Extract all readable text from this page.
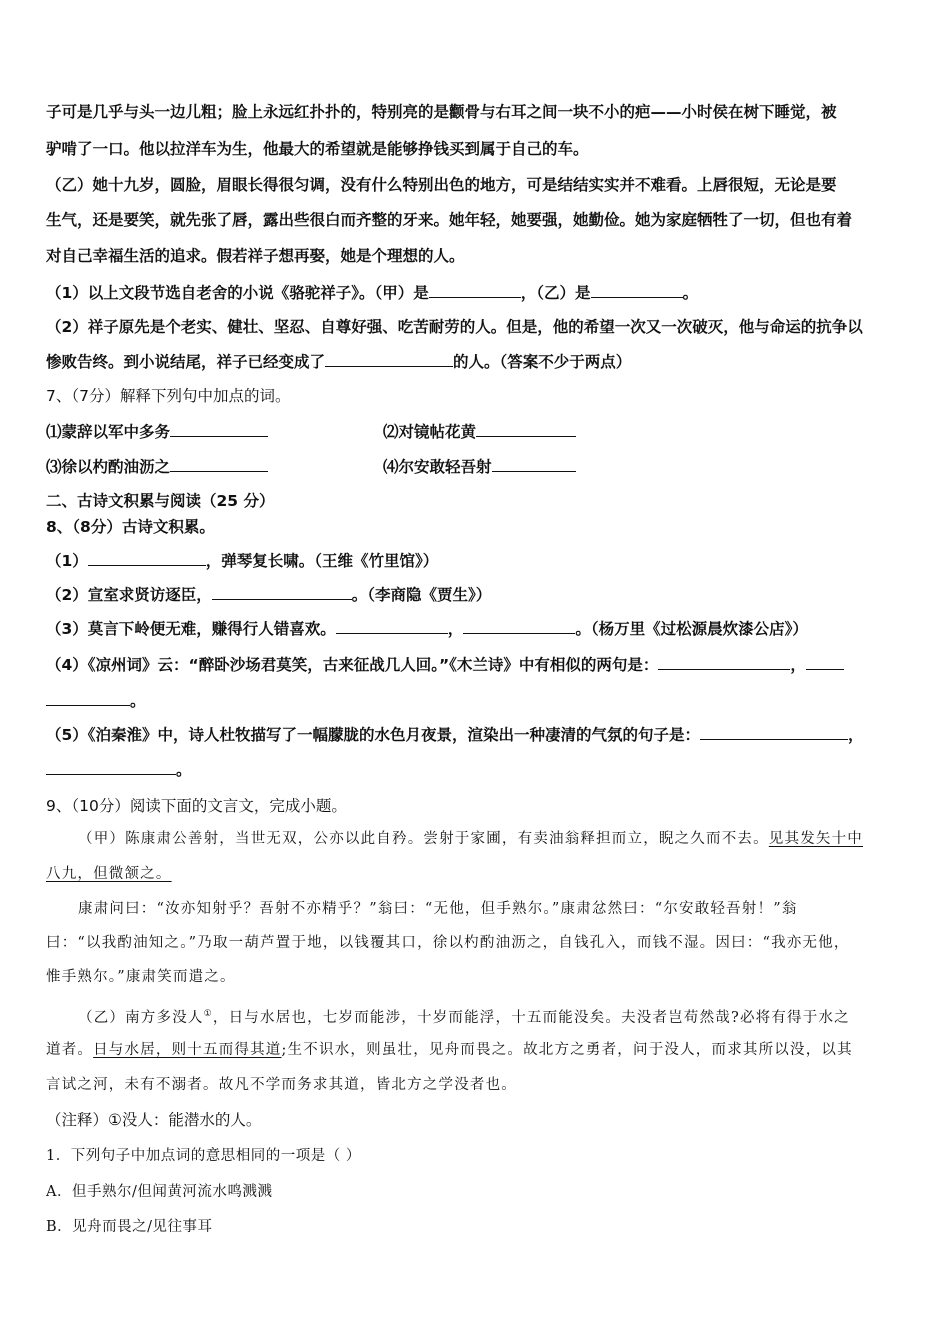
子可是几乎与头一边儿粗；脸上永远红扑扑的，特别亮的是颧骨与右耳之间一块不小的疤——小时侯在树下睡觉，被
驴啃了一口。他以拉洋车为生，他最大的希望就是能够挣钱买到属于自己的车。
（乙）她十九岁，圆脸，眉眼长得很匀调，没有什么特别出色的地方，可是结结实实并不难看。上唇很短，无论是要
生气，还是要笑，就先张了唇，露出些很白而齐整的牙来。她年轻，她要强，她勤俭。她为家庭牺牲了一切，但也有着
对自己幸福生活的追求。假若祥子想再娶，她是个理想的人。
（1）以上文段节选自老舍的小说《骆驼祥子》。（甲）是	，（乙）是	。
（2）祥子原先是个老实、健壮、坚忍、自尊好强、吃苦耐劳的人。但是，他的希望一次又一次破灭，他与命运的抗争以
惨败告终。到小说结尾，祥子已经变成了	的人。（答案不少于两点）
7、（7分）解释下列句中加点的词。
⑴蒙辞以军中多务	⑵对镜帖花黄
⑶徐以杓酌油沥之	⑷尔安敢轻吾射
二、古诗文积累与阅读（25 分）
8、（8分）古诗文积累。
（1）	，弹琴复长啸。（王维《竹里馆》）
（2）宣室求贤访逐臣，	。（李商隐《贾生》）
（3）莫言下岭便无难，赚得行人错喜欢。	，	。（杨万里《过松源晨炊漆公店》）
（4）《凉州词》云：“醉卧沙场君莫笑，古来征战几人回。”《木兰诗》中有相似的两句是：	，
。
（5）《泊秦淮》中，诗人杜牧描写了一幅朦胧的水色月夜景，渲染出一种凄清的气氛的句子是：	，
。
9、（10分）阅读下面的文言文，完成小题。
（甲）陈康肃公善射，当世无双，公亦以此自矜。尝射于家圃，有卖油翁释担而立，睨之久而不去。见其发矢十中
八九，但微颔之。
康肃问曰：“汝亦知射乎？吾射不亦精乎？”翁曰：“无他，但手熟尔。”康肃忿然曰：“尔安敢轻吾射！”翁
曰：“以我酌油知之。”乃取一葫芦置于地，以钱覆其口，徐以杓酌油沥之，自钱孔入，而钱不湿。因曰：“我亦无他，
惟手熟尔。”康肃笑而遣之。
（乙）南方多没人①，日与水居也，七岁而能涉，十岁而能浮，十五而能没矣。夫没者岂苟然哉?必将有得于水之
道者。日与水居，则十五而得其道;生不识水，则虽壮，见舟而畏之。故北方之勇者，问于没人，而求其所以没，以其
言试之河，未有不溺者。故凡不学而务求其道，皆北方之学没者也。
（注释）①没人：能潜水的人。
1．下列句子中加点词的意思相同的一项是（ ）
A．但手熟尔/但闻黄河流水鸣溅溅
B．见舟而畏之/见往事耳
